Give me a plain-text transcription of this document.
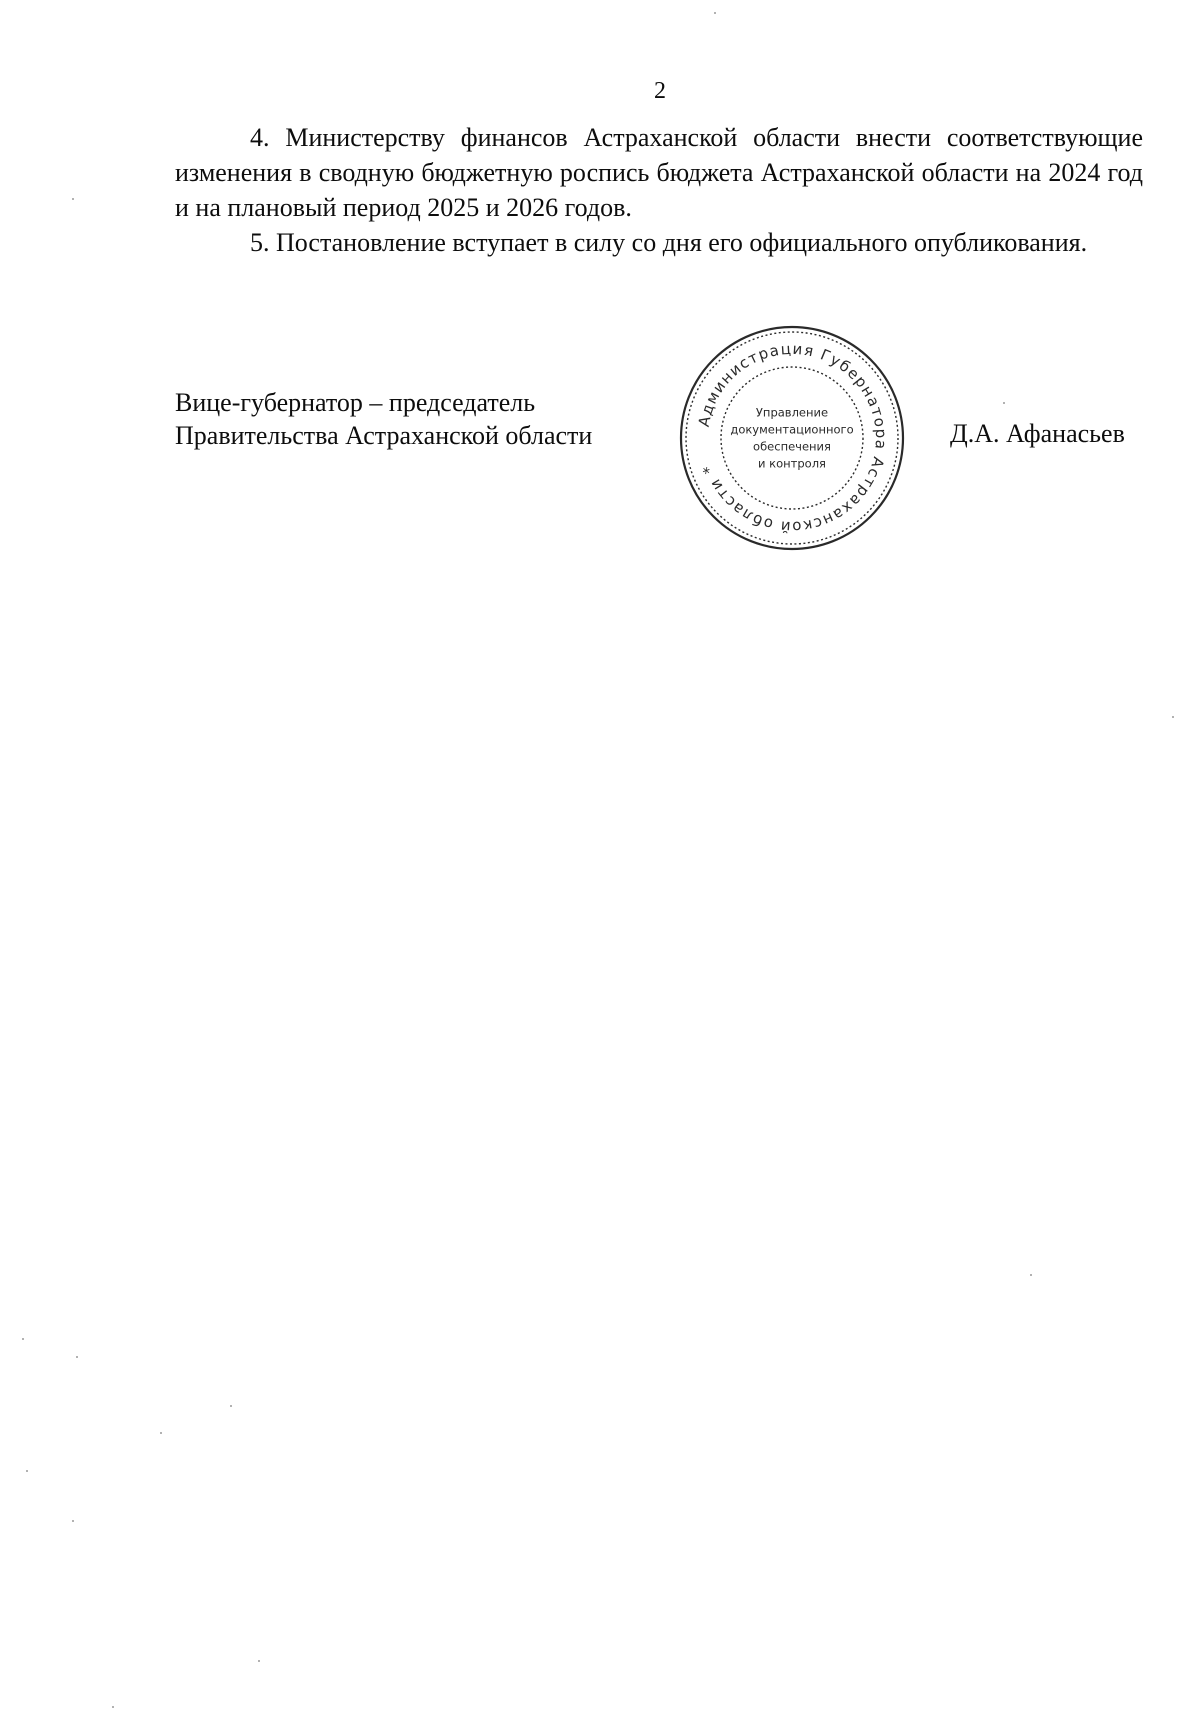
2

4. Министерству финансов Астраханской области внести соответствующие изменения в сводную бюджетную роспись бюджета Астраханской области на 2024 год и на плановый период 2025 и 2026 годов.

5. Постановление вступает в силу со дня его официального опубликования.

Вице-губернатор – председатель
Правительства Астраханской области	Д.А. Афанасьев
Администрация Губернатора Астраханской области *
Управление
документационного
обеспечения
и контроля
